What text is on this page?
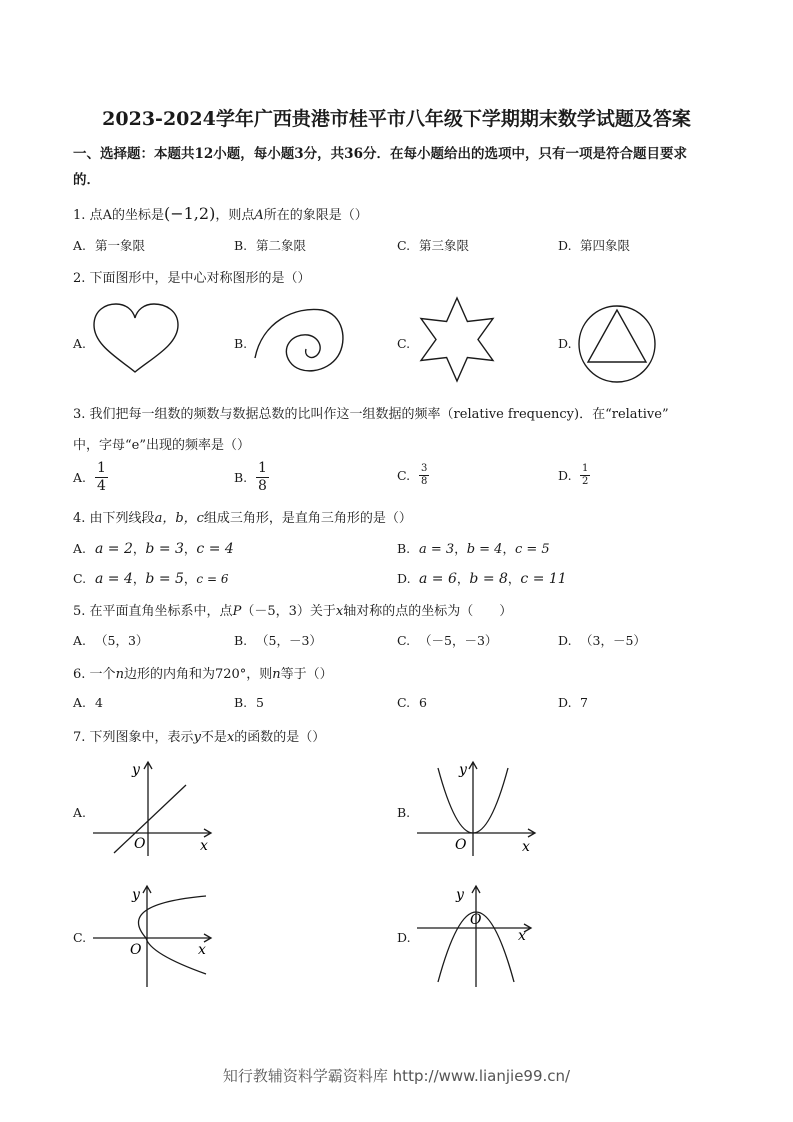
2023-2024学年广西贵港市桂平市八年级下学期期末数学试题及答案
一、选择题：本题共12小题，每小题3分，共36分．在每小题给出的选项中，只有一项是符合题目要求
的．
1. 点A的坐标是(−1,2)，则点A所在的象限是（）
A. 第一象限	B. 第二象限	C. 第三象限	D. 第四象限
2. 下面图形中，是中心对称图形的是（）
A.	B.	C.	D.
3. 我们把每一组数的频数与数据总数的比叫作这一组数据的频率（relative frequency)．在“relative”
中，字母“e”出现的频率是（）
A. $\frac{1}{4}$	B. $\frac{1}{8}$	C. $\frac{3}{8}$	D. $\frac{1}{2}$
4. 由下列线段a，b，c组成三角形，是直角三角形的是（）
A. a = 2，b = 3，c = 4	B. a = 3，b = 4，c = 5
C. a = 4，b = 5，c = 6	D. a = 6，b = 8，c = 11
5. 在平面直角坐标系中，点P（－5，3）关于x轴对称的点的坐标为（　　）
A. （5，3）	B. （5，－3）	C. （－5，－3）	D. （3，－5）
6. 一个n边形的内角和为720°，则n等于（）
A. 4	B. 5	C. 6	D. 7
7. 下列图象中，表示y不是x的函数的是（）
A.	B.
C.	D.
y
O	x
y
O	x
y
O	x
y
O
x
知行教辅资料学霸资料库 http://www.lianjie99.cn/
